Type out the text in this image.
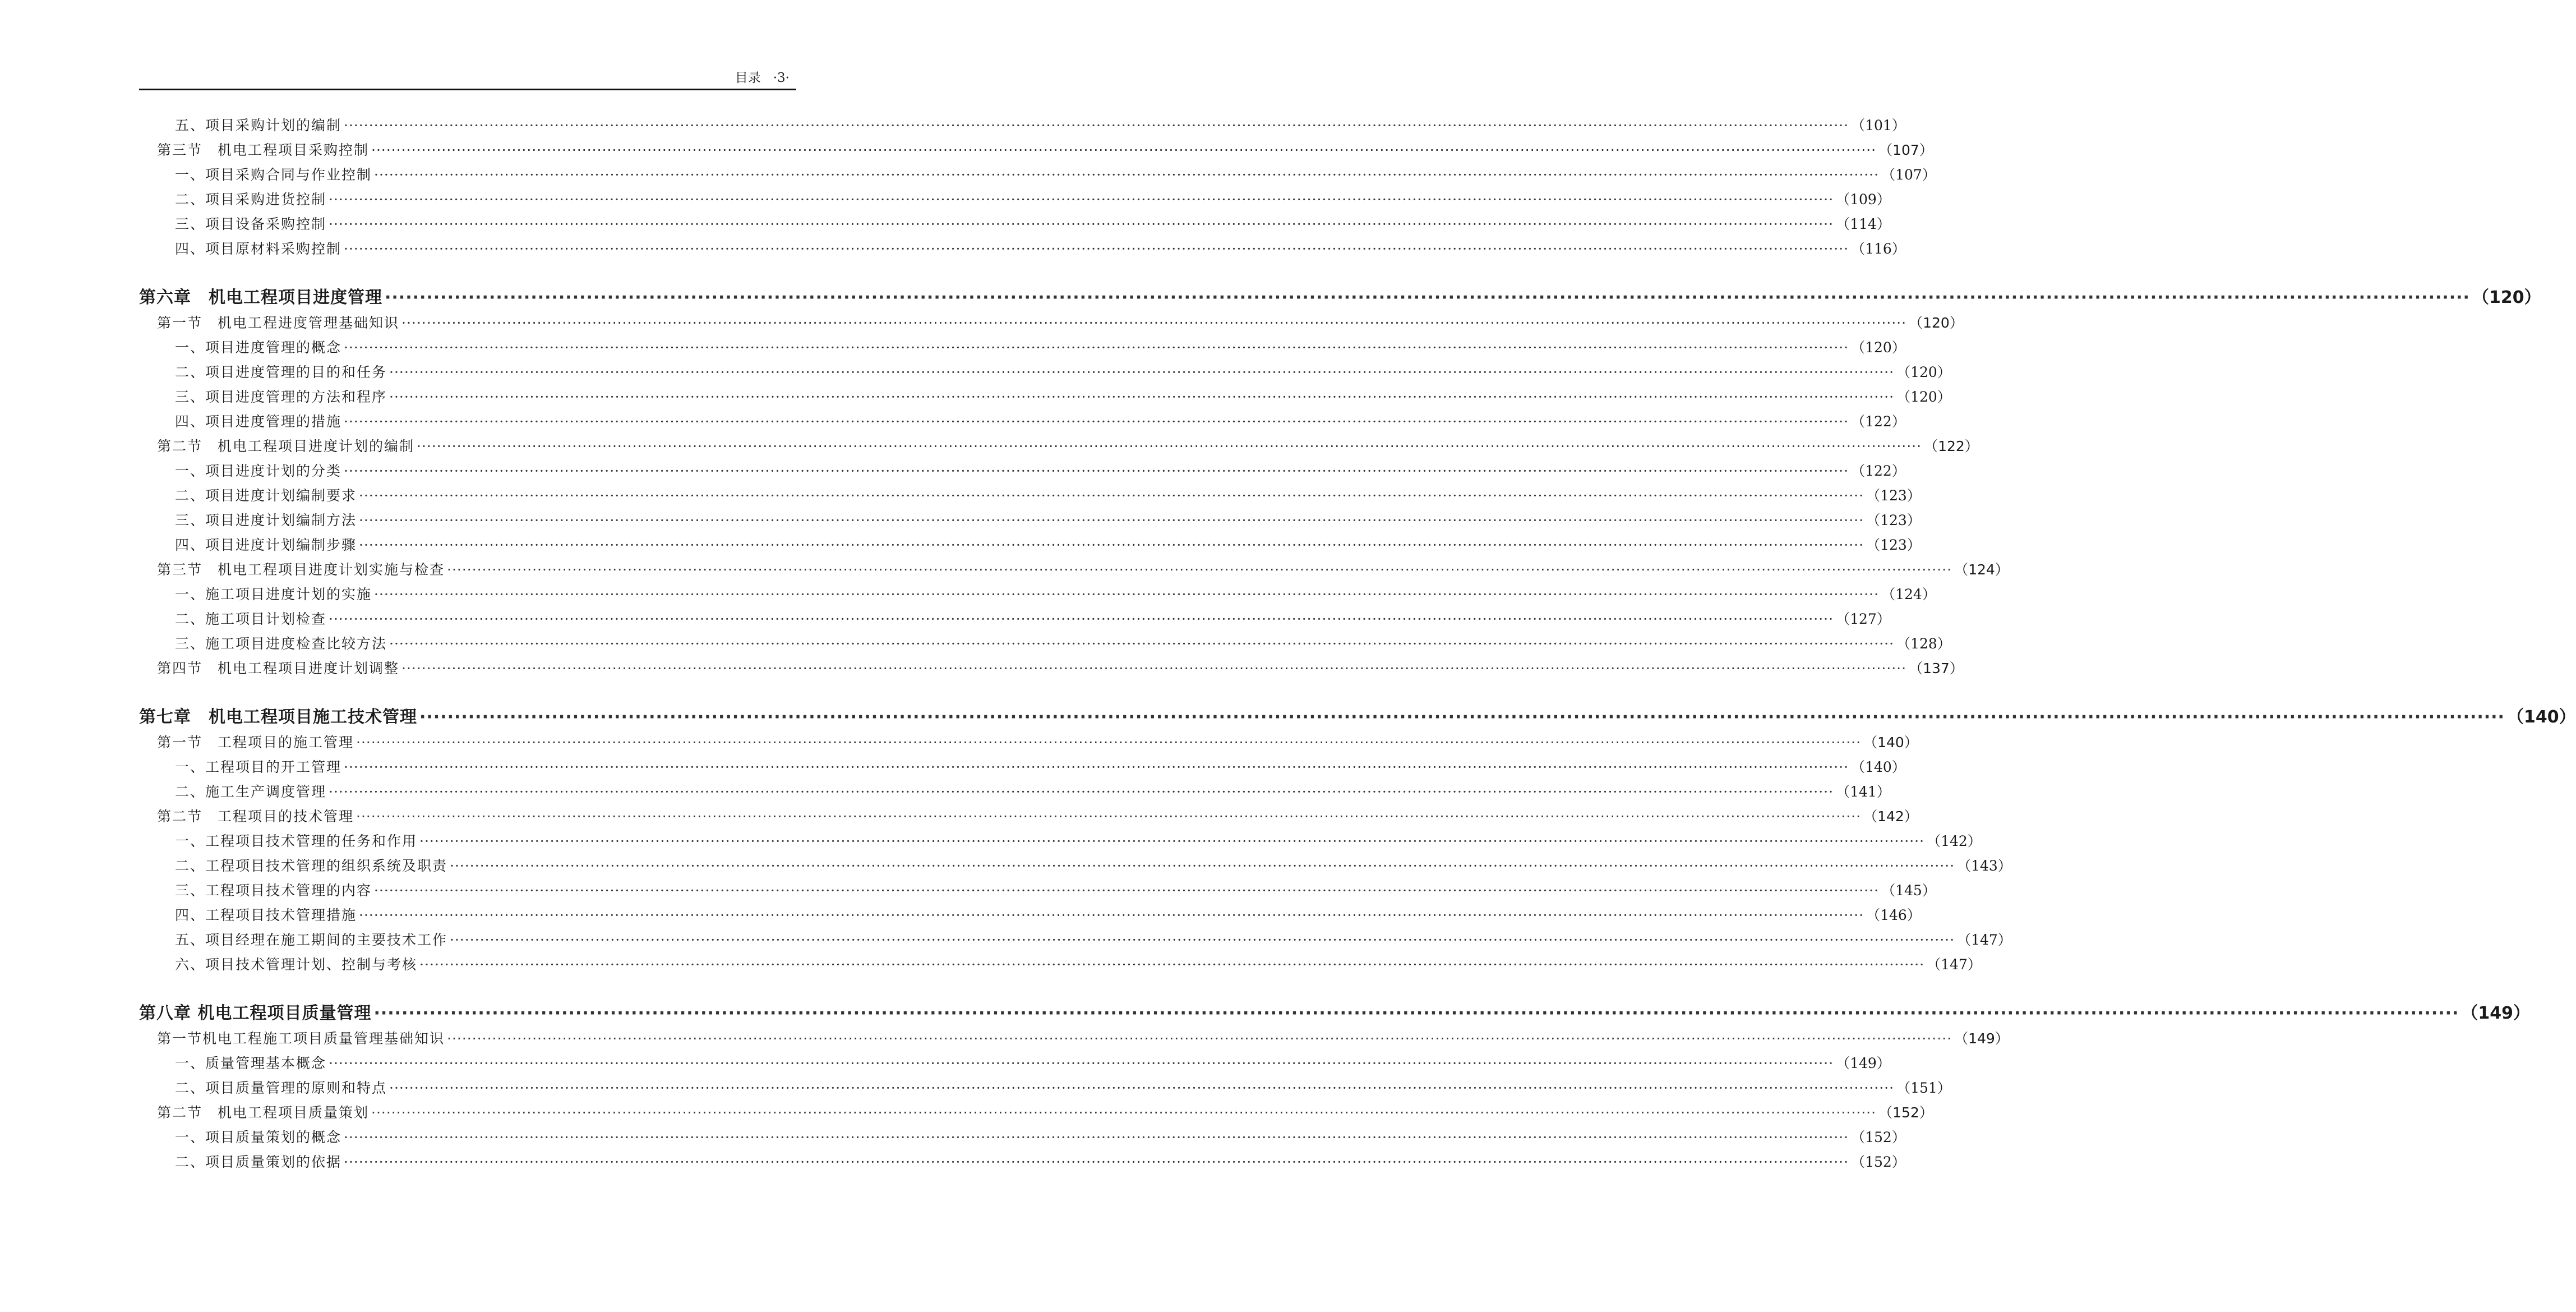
目录 ·3·
五、项目采购计划的编制 ············································································································································································································································································································ （101）
第三节　机电工程项目采购控制 ············································································································································································································································································································ （107）
一、项目采购合同与作业控制 ············································································································································································································································································································ （107）
二、项目采购进货控制 ············································································································································································································································································································ （109）
三、项目设备采购控制 ············································································································································································································································································································ （114）
四、项目原材料采购控制 ············································································································································································································································································································ （116）
第六章　机电工程项目进度管理 ············································································································································································································································································································ （120）
第一节　机电工程进度管理基础知识 ············································································································································································································································································································ （120）
一、项目进度管理的概念 ············································································································································································································································································································ （120）
二、项目进度管理的目的和任务 ············································································································································································································································································································ （120）
三、项目进度管理的方法和程序 ············································································································································································································································································································ （120）
四、项目进度管理的措施 ············································································································································································································································································································ （122）
第二节　机电工程项目进度计划的编制 ············································································································································································································································································································ （122）
一、项目进度计划的分类 ············································································································································································································································································································ （122）
二、项目进度计划编制要求 ············································································································································································································································································································ （123）
三、项目进度计划编制方法 ············································································································································································································································································································ （123）
四、项目进度计划编制步骤 ············································································································································································································································································································ （123）
第三节　机电工程项目进度计划实施与检查 ············································································································································································································································································································ （124）
一、施工项目进度计划的实施 ············································································································································································································································································································ （124）
二、施工项目计划检查 ············································································································································································································································································································ （127）
三、施工项目进度检查比较方法 ············································································································································································································································································································ （128）
第四节　机电工程项目进度计划调整 ············································································································································································································································································································ （137）
第七章　机电工程项目施工技术管理 ············································································································································································································································································································ （140）
第一节　工程项目的施工管理 ············································································································································································································································································································ （140）
一、工程项目的开工管理 ············································································································································································································································································································ （140）
二、施工生产调度管理 ············································································································································································································································································································ （141）
第二节　工程项目的技术管理 ············································································································································································································································································································ （142）
一、工程项目技术管理的任务和作用 ············································································································································································································································································································ （142）
二、工程项目技术管理的组织系统及职责 ············································································································································································································································································································ （143）
三、工程项目技术管理的内容 ············································································································································································································································································································ （145）
四、工程项目技术管理措施 ············································································································································································································································································································ （146）
五、项目经理在施工期间的主要技术工作 ············································································································································································································································································································ （147）
六、项目技术管理计划、控制与考核 ············································································································································································································································································································ （147）
第八章 机电工程项目质量管理 ············································································································································································································································································································ （149）
第一节机电工程施工项目质量管理基础知识 ············································································································································································································································································································ （149）
一、质量管理基本概念 ············································································································································································································································································································ （149）
二、项目质量管理的原则和特点 ············································································································································································································································································································ （151）
第二节　机电工程项目质量策划 ············································································································································································································································································································ （152）
一、项目质量策划的概念 ············································································································································································································································································································ （152）
二、项目质量策划的依据 ············································································································································································································································································································ （152）
